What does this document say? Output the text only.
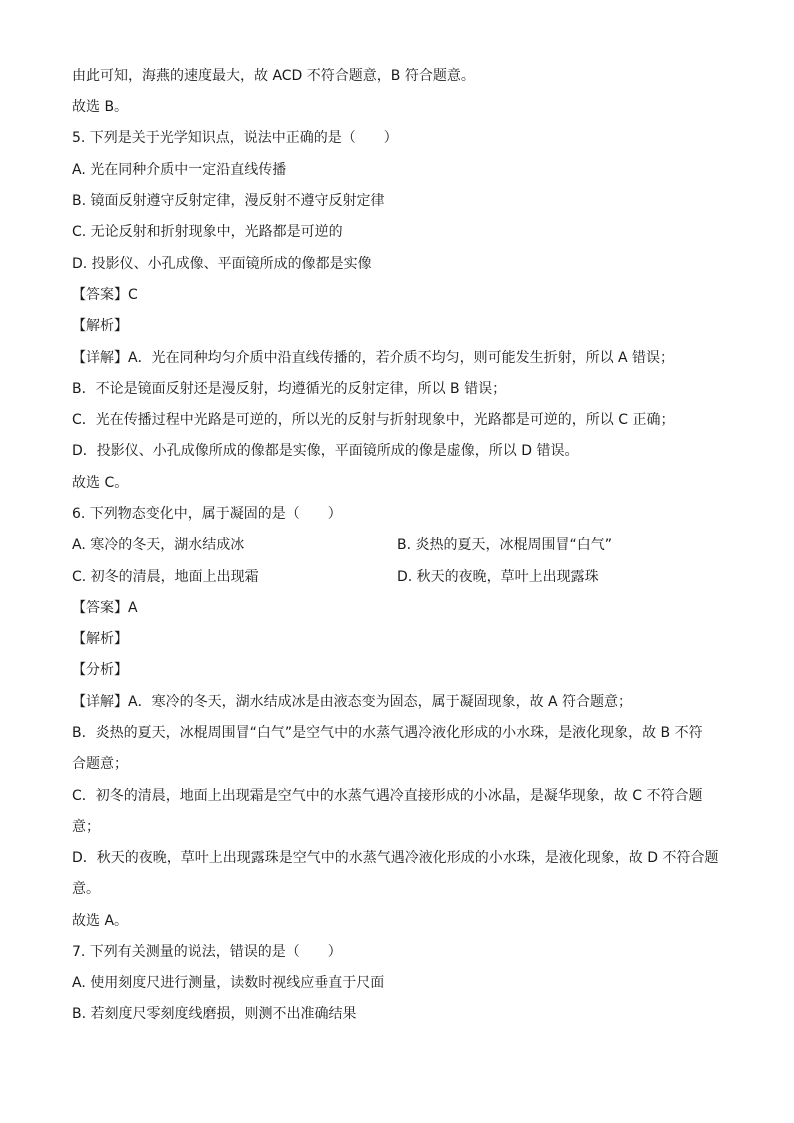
由此可知，海燕的速度最大，故 ACD 不符合题意，B 符合题意。
故选 B。
5. 下列是关于光学知识点，说法中正确的是（　　）
A. 光在同种介质中一定沿直线传播
B. 镜面反射遵守反射定律，漫反射不遵守反射定律
C. 无论反射和折射现象中，光路都是可逆的
D. 投影仪、小孔成像、平面镜所成的像都是实像
【答案】C
【解析】
【详解】A．光在同种均匀介质中沿直线传播的，若介质不均匀，则可能发生折射，所以 A 错误；
B．不论是镜面反射还是漫反射，均遵循光的反射定律，所以 B 错误；
C．光在传播过程中光路是可逆的，所以光的反射与折射现象中，光路都是可逆的，所以 C 正确；
D．投影仪、小孔成像所成的像都是实像，平面镜所成的像是虚像，所以 D 错误。
故选 C。
6. 下列物态变化中，属于凝固的是（　　）
A. 寒冷的冬天，湖水结成冰	B. 炎热的夏天，冰棍周围冒“白气”
C. 初冬的清晨，地面上出现霜	D. 秋天的夜晚，草叶上出现露珠
【答案】A
【解析】
【分析】
【详解】A．寒冷的冬天，湖水结成冰是由液态变为固态，属于凝固现象，故 A 符合题意；
B．炎热的夏天，冰棍周围冒“白气”是空气中的水蒸气遇冷液化形成的小水珠，是液化现象，故 B 不符
合题意；
C．初冬的清晨，地面上出现霜是空气中的水蒸气遇冷直接形成的小冰晶，是凝华现象，故 C 不符合题
意；
D．秋天的夜晚，草叶上出现露珠是空气中的水蒸气遇冷液化形成的小水珠，是液化现象，故 D 不符合题
意。
故选 A。
7. 下列有关测量的说法，错误的是（　　）
A. 使用刻度尺进行测量，读数时视线应垂直于尺面
B. 若刻度尺零刻度线磨损，则测不出准确结果
